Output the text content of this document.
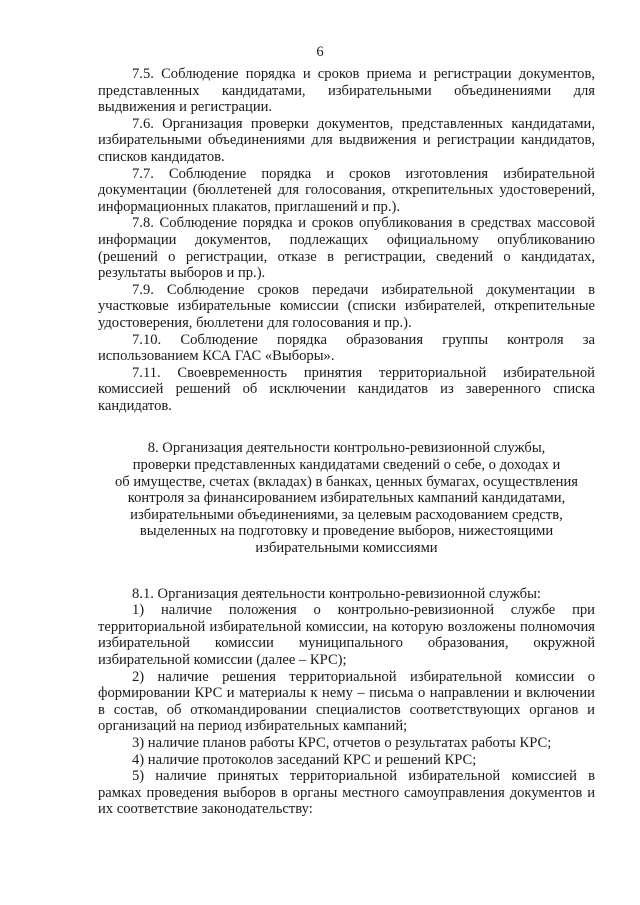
6

7.5. Соблюдение порядка и сроков приема и регистрации документов, представленных кандидатами, избирательными объединениями для выдвижения и регистрации.

7.6. Организация проверки документов, представленных кандидатами, избирательными объединениями для выдвижения и регистрации кандидатов, списков кандидатов.

7.7. Соблюдение порядка и сроков изготовления избирательной документации (бюллетеней для голосования, открепительных удостоверений, информационных плакатов, приглашений и пр.).

7.8. Соблюдение порядка и сроков опубликования в средствах массовой информации документов, подлежащих официальному опубликованию (решений о регистрации, отказе в регистрации, сведений о кандидатах, результаты выборов и пр.).

7.9. Соблюдение сроков передачи избирательной документации в участковые избирательные комиссии (списки избирателей, открепительные удостоверения, бюллетени для голосования и пр.).

7.10. Соблюдение порядка образования группы контроля за использованием КСА ГАС «Выборы».

7.11. Своевременность принятия территориальной избирательной комиссией решений об исключении кандидатов из заверенного списка кандидатов.

8. Организация деятельности контрольно-ревизионной службы,
проверки представленных кандидатами сведений о себе, о доходах и
об имуществе, счетах (вкладах) в банках, ценных бумагах, осуществления
контроля за финансированием избирательных кампаний кандидатами,
избирательными объединениями, за целевым расходованием средств,
выделенных на подготовку и проведение выборов, нижестоящими
избирательными комиссиями

8.1. Организация деятельности контрольно-ревизионной службы:

1) наличие положения о контрольно-ревизионной службе при территориальной избирательной комиссии, на которую возложены полномочия избирательной комиссии муниципального образования, окружной избирательной комиссии (далее – КРС);

2) наличие решения территориальной избирательной комиссии о формировании КРС и материалы к нему – письма о направлении и включении в состав, об откомандировании специалистов соответствующих органов и организаций на период избирательных кампаний;

3) наличие планов работы КРС, отчетов о результатах работы КРС;

4) наличие протоколов заседаний КРС и решений КРС;

5) наличие принятых территориальной избирательной комиссией в рамках проведения выборов в органы местного самоуправления документов и их соответствие законодательству:
